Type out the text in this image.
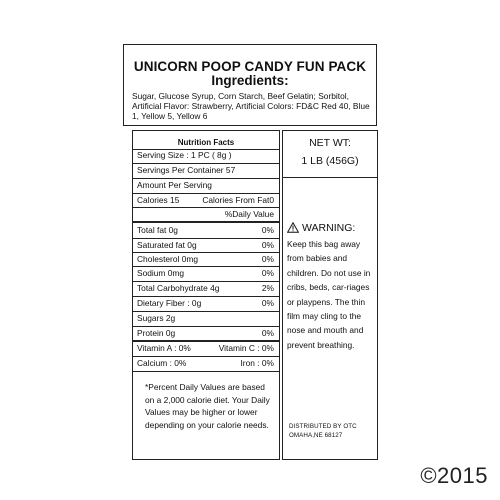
UNICORN POOP CANDY FUN PACK
Ingredients:
Sugar, Glucose Syrup, Corn Starch, Beef Gelatin; Sorbitol, Artificial Flavor: Strawberry, Artificial Colors: FD&C Red 40, Blue 1, Yellow 5, Yellow 6
Nutrition Facts
Serving Size : 1 PC ( 8g )
Servings Per Container 57
Amount Per Serving
Calories 15	Calories From Fat0
%Daily Value
Total fat 0g	0%
Saturated fat 0g	0%
Cholesterol 0mg	0%
Sodium 0mg	0%
Total Carbohydrate 4g	2%
Dietary Fiber : 0g	0%
Sugars 2g
Protein 0g	0%
Vitamin A : 0%	Vitamin C : 0%
Calcium : 0%	Iron : 0%
*Percent Daily Values are based on a 2,000 calorie diet. Your Daily Values may be higher or lower depending on your calorie needs.
NET WT:
1 LB (456G)
WARNING:
Keep this bag away from babies and children. Do not use in cribs, beds, car-riages or playpens. The thin film may cling to the nose and mouth and prevent breathing.
DISTRIBUTED BY OTC
OMAHA,NE 68127
©2015
